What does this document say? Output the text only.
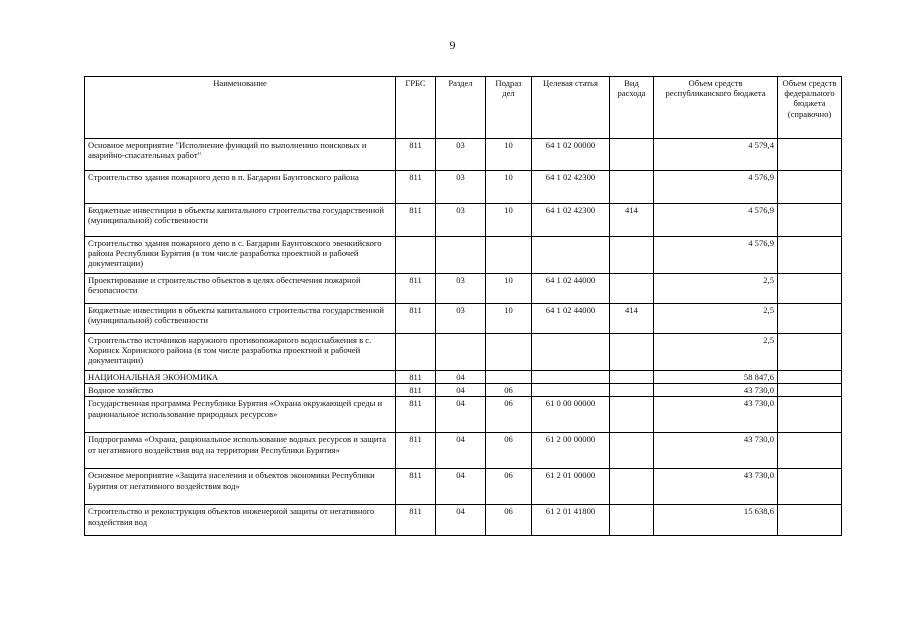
9
Наименование	ГРБС	Раздел	Подраз дел	Целевая статья	Вид расхода	Объем средств республиканского бюджета	Объем средств федерального бюджета (справочно)
Основное мероприятие "Исполнение функций по выполнению поисковых и аварийно-спасательных работ"	811	03	10	64 1 02 00000		4 579,4	
Строительство здания пожарного депо в п. Багдарин Баунтовского района	811	03	10	64 1 02 42300		4 576,9	
Бюджетные инвестиции в объекты капитального строительства государственной (муниципальной) собственности	811	03	10	64 1 02 42300	414	4 576,9	
Строительство здания пожарного депо в с. Багдарин Баунтовского эвенкийского района Республики Бурятия (в том числе разработка проектной и рабочей документации)						4 576,9	
Проектирование и строительство объектов в целях обеспечения пожарной безопасности	811	03	10	64 1 02 44000		2,5	
Бюджетные инвестиции в объекты капитального строительства государственной (муниципальной) собственности	811	03	10	64 1 02 44000	414	2,5	
Строительство источников наружного противопожарного водоснабжения в с. Хоринск Хоринского района (в том числе разработка проектной и рабочей документации)						2,5	
НАЦИОНАЛЬНАЯ ЭКОНОМИКА	811	04				58 847,6	
Водное хозяйство	811	04	06			43 730,0	
Государственная программа Республики Бурятия «Охрана окружающей среды и рациональное использование природных ресурсов»	811	04	06	61 0 00 00000		43 730,0	
Подпрограмма «Охрана, рациональное использование водных ресурсов и защита от негативного воздействия вод на территории Республики Бурятия»	811	04	06	61 2 00 00000		43 730,0	
Основное мероприятие «Защита населения и объектов экономики Республики Бурятия от негативного воздействия вод»	811	04	06	61 2 01 00000		43 730,0	
Строительство и реконструкция объектов инженерной защиты от негативного воздействия вод	811	04	06	61 2 01 41800		15 638,6	
